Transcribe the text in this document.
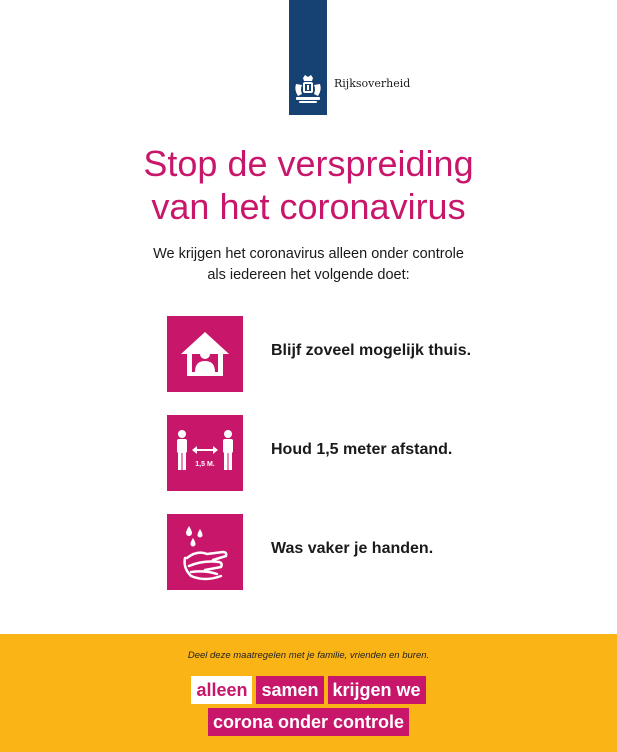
Rijksoverheid
Stop de verspreiding
van het coronavirus

We krijgen het coronavirus alleen onder controle
als iedereen het volgende doet:

Blijf zoveel mogelijk thuis.
1,5 M.
Houd 1,5 meter afstand.
Was vaker je handen.
Deel deze maatregelen met je familie, vrienden en buren.
alleen samen krijgen we
corona onder controle
